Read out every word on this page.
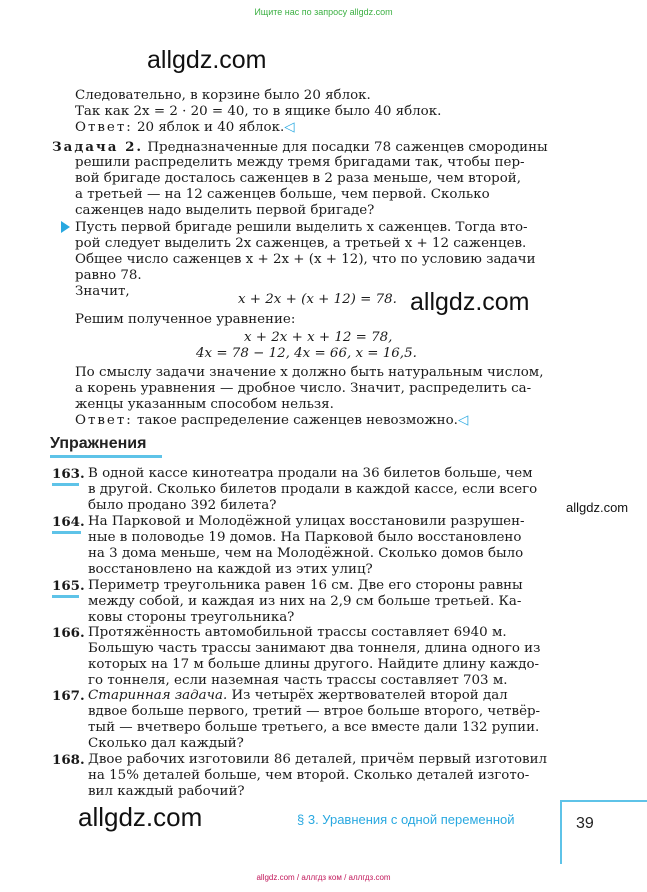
Ищите нас по запросу allgdz.com
allgdz.com
Следовательно, в корзине было 20 яблок.
Так как 2x = 2 · 20 = 40, то в ящике было 40 яблок.
Ответ: 20 яблок и 40 яблок.◁
Задача 2. Предназначенные для посадки 78 саженцев смородины
решили распределить между тремя бригадами так, чтобы пер-
вой бригаде досталось саженцев в 2 раза меньше, чем второй,
а третьей — на 12 саженцев больше, чем первой. Сколько
саженцев надо выделить первой бригаде?
Пусть первой бригаде решили выделить x саженцев. Тогда вто-
рой следует выделить 2x саженцев, а третьей x + 12 саженцев.
Общее число саженцев x + 2x + (x + 12), что по условию задачи
равно 78.
Значит,
x + 2x + (x + 12) = 78. allgdz.com
Решим полученное уравнение:
x + 2x + x + 12 = 78,
4x = 78 − 12, 4x = 66, x = 16,5.
По смыслу задачи значение x должно быть натуральным числом,
а корень уравнения — дробное число. Значит, распределить са-
женцы указанным способом нельзя.
Ответ: такое распределение саженцев невозможно.◁
Упражнения
163. В одной кассе кинотеатра продали на 36 билетов больше, чем
в другой. Сколько билетов продали в каждой кассе, если всего
было продано 392 билета?	allgdz.com
164. На Парковой и Молодёжной улицах восстановили разрушен-
ные в половодье 19 домов. На Парковой было восстановлено
на 3 дома меньше, чем на Молодёжной. Сколько домов было
восстановлено на каждой из этих улиц?
165. Периметр треугольника равен 16 см. Две его стороны равны
между собой, и каждая из них на 2,9 см больше третьей. Ка-
ковы стороны треугольника?
166. Протяжённость автомобильной трассы составляет 6940 м.
Большую часть трассы занимают два тоннеля, длина одного из
которых на 17 м больше длины другого. Найдите длину каждо-
го тоннеля, если наземная часть трассы составляет 703 м.
167. Старинная задача. Из четырёх жертвователей второй дал
вдвое больше первого, третий — втрое больше второго, четвёр-
тый — вчетверо больше третьего, а все вместе дали 132 рупии.
Сколько дал каждый?
168. Двое рабочих изготовили 86 деталей, причём первый изготовил
на 15% деталей больше, чем второй. Сколько деталей изгото-
вил каждый рабочий?
allgdz.com	§ 3. Уравнения с одной переменной	39
allgdz.com / аллгдз ком / аллгдз.com
